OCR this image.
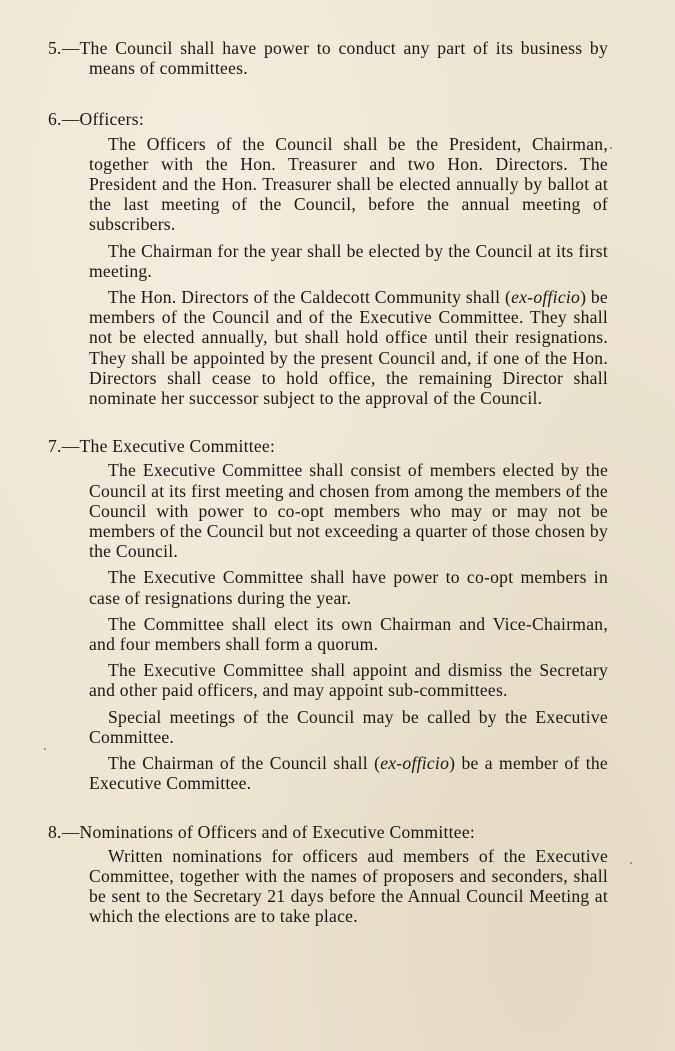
5.—The Council shall have power to conduct any part of its business by means of committees.
6.—Officers:
The Officers of the Council shall be the President, Chairman, together with the Hon. Treasurer and two Hon. Directors. The President and the Hon. Treasurer shall be elected annually by ballot at the last meeting of the Council, before the annual meeting of subscribers.
The Chairman for the year shall be elected by the Council at its first meeting.
The Hon. Directors of the Caldecott Community shall (ex-officio) be members of the Council and of the Executive Committee. They shall not be elected annually, but shall hold office until their resignations. They shall be appointed by the present Council and, if one of the Hon. Directors shall cease to hold office, the remaining Director shall nominate her successor subject to the approval of the Council.
7.—The Executive Committee:
The Executive Committee shall consist of members elected by the Council at its first meeting and chosen from among the members of the Council with power to co-opt members who may or may not be members of the Council but not exceeding a quarter of those chosen by the Council.
The Executive Committee shall have power to co-opt members in case of resignations during the year.
The Committee shall elect its own Chairman and Vice-Chairman, and four members shall form a quorum.
The Executive Committee shall appoint and dismiss the Secretary and other paid officers, and may appoint sub-committees.
Special meetings of the Council may be called by the Executive Committee.
The Chairman of the Council shall (ex-officio) be a member of the Executive Committee.
8.—Nominations of Officers and of Executive Committee:
Written nominations for officers aud members of the Executive Committee, together with the names of proposers and seconders, shall be sent to the Secretary 21 days before the Annual Council Meeting at which the elections are to take place.
